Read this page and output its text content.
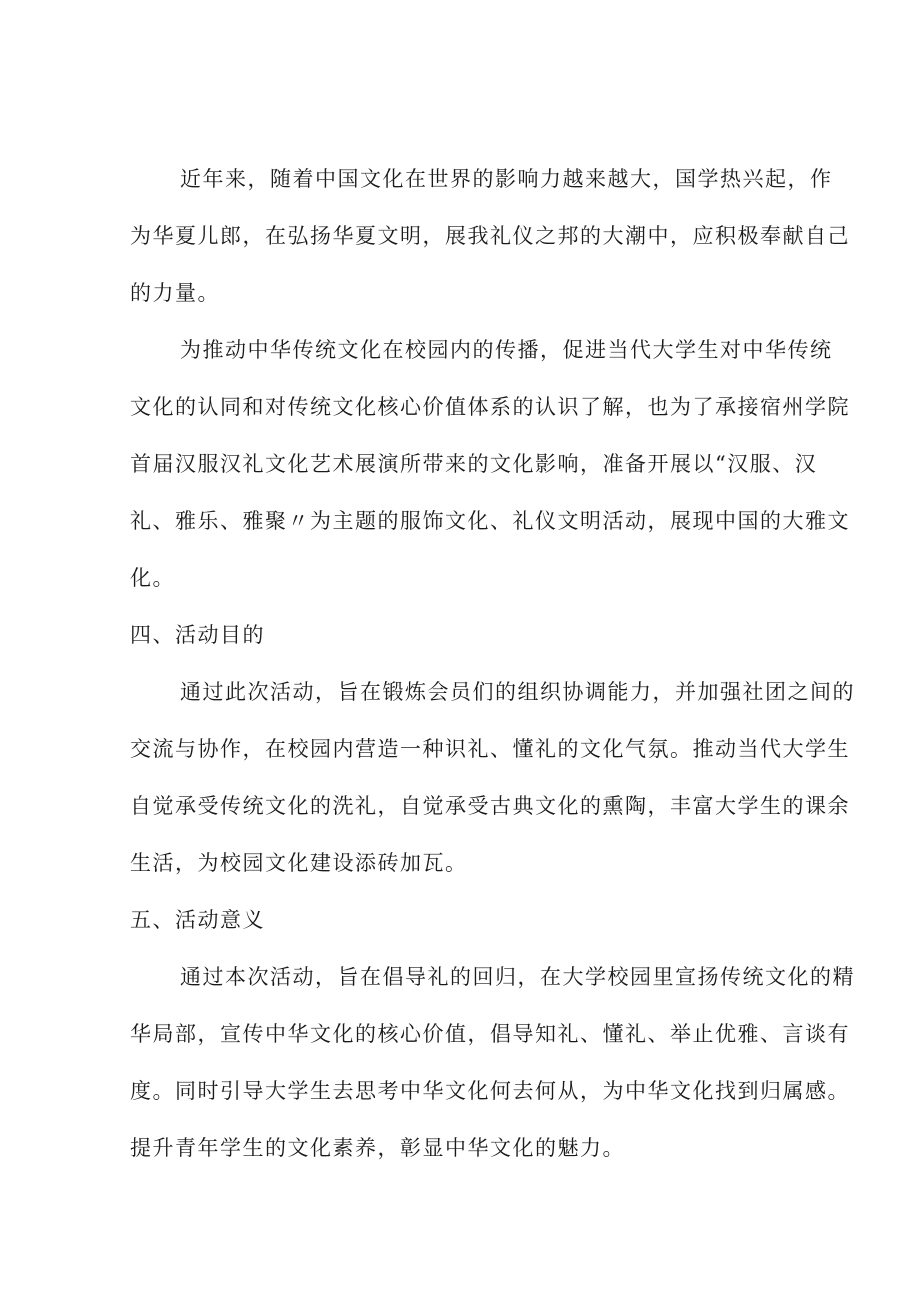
近年来，随着中国文化在世界的影响力越来越大，国学热兴起，作
为华夏儿郎，在弘扬华夏文明，展我礼仪之邦的大潮中，应积极奉献自己
的力量。
为推动中华传统文化在校园内的传播，促进当代大学生对中华传统
文化的认同和对传统文化核心价值体系的认识了解，也为了承接宿州学院
首届汉服汉礼文化艺术展演所带来的文化影响，准备开展以“汉服、汉
礼、雅乐、雅聚〃为主题的服饰文化、礼仪文明活动，展现中国的大雅文
化。
四、活动目的
通过此次活动，旨在锻炼会员们的组织协调能力，并加强社团之间的
交流与协作，在校园内营造一种识礼、懂礼的文化气氛。推动当代大学生
自觉承受传统文化的洗礼，自觉承受古典文化的熏陶，丰富大学生的课余
生活，为校园文化建设添砖加瓦。
五、活动意义
通过本次活动，旨在倡导礼的回归，在大学校园里宣扬传统文化的精
华局部，宣传中华文化的核心价值，倡导知礼、懂礼、举止优雅、言谈有
度。同时引导大学生去思考中华文化何去何从，为中华文化找到归属感。
提升青年学生的文化素养，彰显中华文化的魅力。
